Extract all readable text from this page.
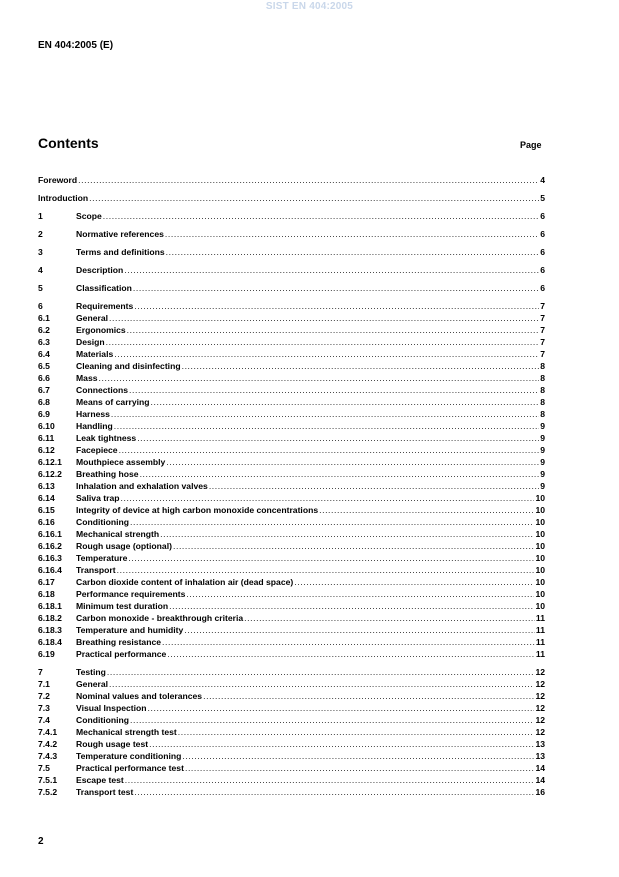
SIST EN 404:2005
EN 404:2005 (E)
Contents	Page
Foreword .....	4
Introduction .....	5
1	Scope .....	6
2	Normative references .....	6
3	Terms and definitions .....	6
4	Description .....	6
5	Classification .....	6
6	Requirements .....	7
6.1	General .....	7
6.2	Ergonomics .....	7
6.3	Design .....	7
6.4	Materials .....	7
6.5	Cleaning and disinfecting .....	8
6.6	Mass .....	8
6.7	Connections .....	8
6.8	Means of carrying .....	8
6.9	Harness .....	8
6.10	Handling .....	9
6.11	Leak tightness .....	9
6.12	Facepiece .....	9
6.12.1	Mouthpiece assembly .....	9
6.12.2	Breathing hose .....	9
6.13	Inhalation and exhalation valves .....	9
6.14	Saliva trap .....	10
6.15	Integrity of device at high carbon monoxide concentrations .....	10
6.16	Conditioning .....	10
6.16.1	Mechanical strength .....	10
6.16.2	Rough usage (optional) .....	10
6.16.3	Temperature .....	10
6.16.4	Transport .....	10
6.17	Carbon dioxide content of inhalation air (dead space) .....	10
6.18	Performance requirements .....	10
6.18.1	Minimum test duration .....	10
6.18.2	Carbon monoxide - breakthrough criteria .....	11
6.18.3	Temperature and humidity .....	11
6.18.4	Breathing resistance .....	11
6.19	Practical performance .....	11
7	Testing .....	12
7.1	General .....	12
7.2	Nominal values and tolerances .....	12
7.3	Visual Inspection .....	12
7.4	Conditioning .....	12
7.4.1	Mechanical strength test .....	12
7.4.2	Rough usage test .....	13
7.4.3	Temperature conditioning .....	13
7.5	Practical performance test .....	14
7.5.1	Escape test .....	14
7.5.2	Transport test .....	16
2
